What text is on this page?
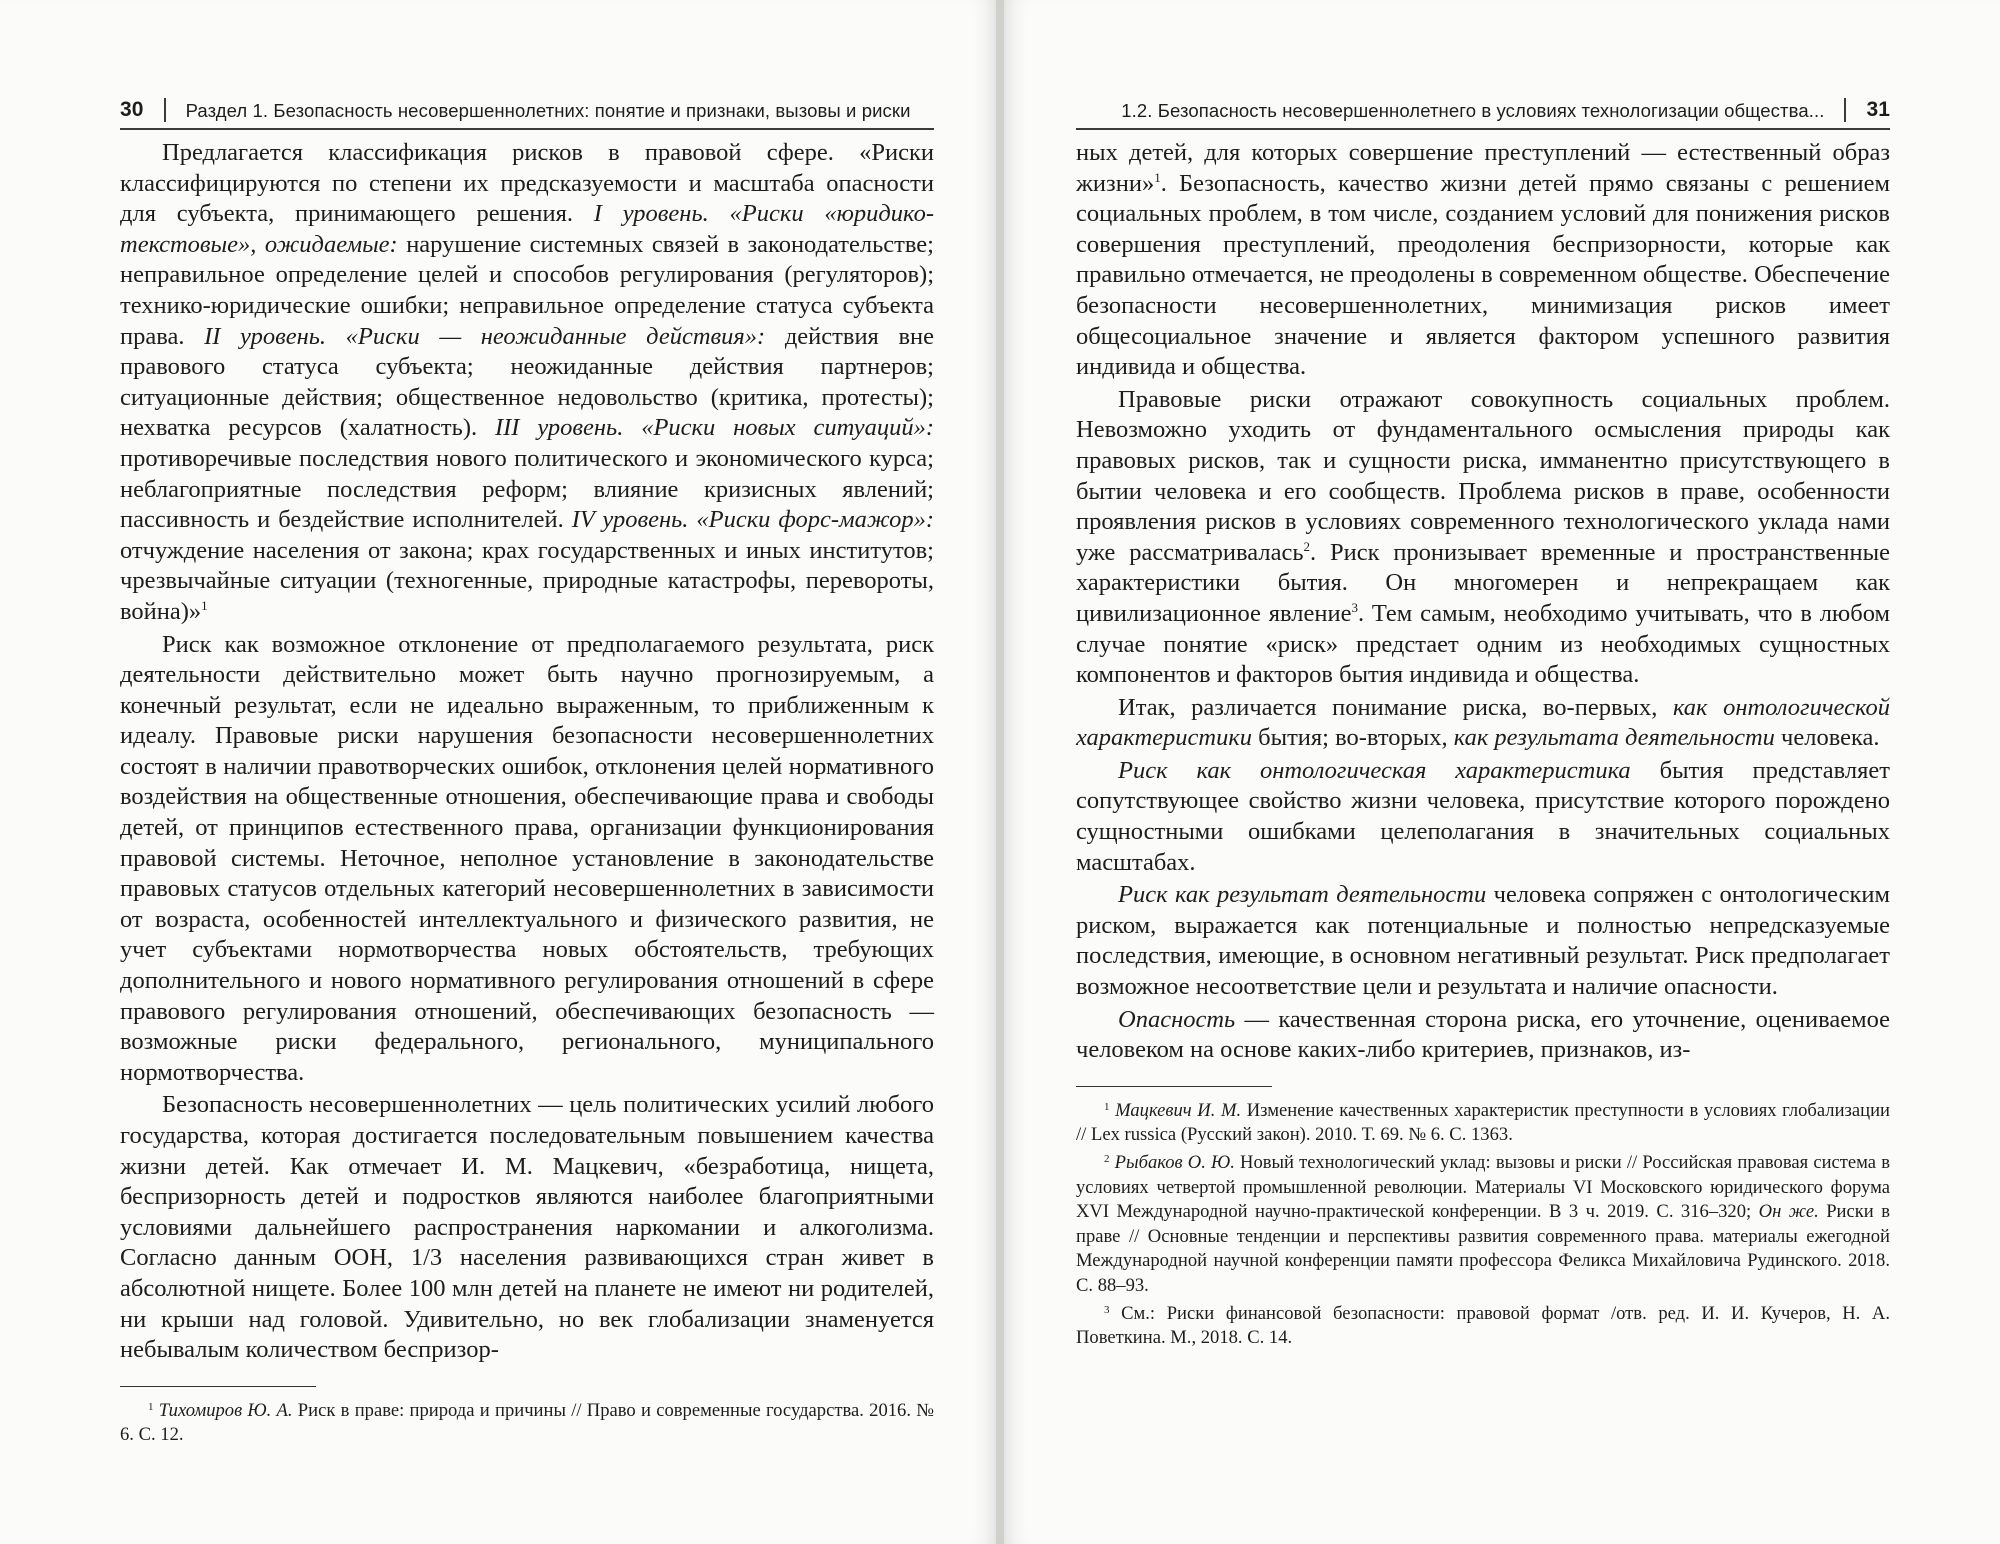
30 Раздел 1. Безопасность несовершеннолетних: понятие и признаки, вызовы и риски

Предлагается классификация рисков в правовой сфере. «Риски классифицируются по степени их предсказуемости и масштаба опасности для субъекта, принимающего решения. I уровень. «Риски «юридико-текстовые», ожидаемые: нарушение системных связей в законодательстве; неправильное определение целей и способов регулирования (регуляторов); технико-юридические ошибки; неправильное определение статуса субъекта права. II уровень. «Риски — неожиданные действия»: действия вне правового статуса субъекта; неожиданные действия партнеров; ситуационные действия; общественное недовольство (критика, протесты); нехватка ресурсов (халатность). III уровень. «Риски новых ситуаций»: противоречивые последствия нового политического и экономического курса; неблагоприятные последствия реформ; влияние кризисных явлений; пассивность и бездействие исполнителей. IV уровень. «Риски форс-мажор»: отчуждение населения от закона; крах государственных и иных институтов; чрезвычайные ситуации (техногенные, природные катастрофы, перевороты, война)»$^1$

Риск как возможное отклонение от предполагаемого результата, риск деятельности действительно может быть научно прогнозируемым, а конечный результат, если не идеально выраженным, то приближенным к идеалу. Правовые риски нарушения безопасности несовершеннолетних состоят в наличии правотворческих ошибок, отклонения целей нормативного воздействия на общественные отношения, обеспечивающие права и свободы детей, от принципов естественного права, организации функционирования правовой системы. Неточное, неполное установление в законодательстве правовых статусов отдельных категорий несовершеннолетних в зависимости от возраста, особенностей интеллектуального и физического развития, не учет субъектами нормотворчества новых обстоятельств, требующих дополнительного и нового нормативного регулирования отношений в сфере правового регулирования отношений, обеспечивающих безопасность — возможные риски федерального, регионального, муниципального нормотворчества.

Безопасность несовершеннолетних — цель политических усилий любого государства, которая достигается последовательным повышением качества жизни детей. Как отмечает И. М. Мацкевич, «безработица, нищета, беспризорность детей и подростков являются наиболее благоприятными условиями дальнейшего распространения наркомании и алкоголизма. Согласно данным ООН, 1/3 населения развивающихся стран живет в абсолютной нищете. Более 100 млн детей на планете не имеют ни родителей, ни крыши над головой. Удивительно, но век глобализации знаменуется небывалым количеством беспризор-

$^1$ Тихомиров Ю. А. Риск в праве: природа и причины // Право и современные государства. 2016. № 6. С. 12.

1.2. Безопасность несовершеннолетнего в условиях технологизации общества... 31

ных детей, для которых совершение преступлений — естественный образ жизни»$^1$. Безопасность, качество жизни детей прямо связаны с решением социальных проблем, в том числе, созданием условий для понижения рисков совершения преступлений, преодоления беспризорности, которые как правильно отмечается, не преодолены в современном обществе. Обеспечение безопасности несовершеннолетних, минимизация рисков имеет общесоциальное значение и является фактором успешного развития индивида и общества.

Правовые риски отражают совокупность социальных проблем. Невозможно уходить от фундаментального осмысления природы как правовых рисков, так и сущности риска, имманентно присутствующего в бытии человека и его сообществ. Проблема рисков в праве, особенности проявления рисков в условиях современного технологического уклада нами уже рассматривалась$^2$. Риск пронизывает временные и пространственные характеристики бытия. Он многомерен и непрекращаем как цивилизационное явление$^3$. Тем самым, необходимо учитывать, что в любом случае понятие «риск» предстает одним из необходимых сущностных компонентов и факторов бытия индивида и общества.

Итак, различается понимание риска, во-первых, как онтологической характеристики бытия; во-вторых, как результата деятельности человека.

Риск как онтологическая характеристика бытия представляет сопутствующее свойство жизни человека, присутствие которого порождено сущностными ошибками целеполагания в значительных социальных масштабах.

Риск как результат деятельности человека сопряжен с онтологическим риском, выражается как потенциальные и полностью непредсказуемые последствия, имеющие, в основном негативный результат. Риск предполагает возможное несоответствие цели и результата и наличие опасности.

Опасность — качественная сторона риска, его уточнение, оцениваемое человеком на основе каких-либо критериев, признаков, из-

$^1$ Мацкевич И. М. Изменение качественных характеристик преступности в условиях глобализации // Lex russica (Русский закон). 2010. Т. 69. № 6. С. 1363.

$^2$ Рыбаков О. Ю. Новый технологический уклад: вызовы и риски // Российская правовая система в условиях четвертой промышленной революции. Материалы VI Московского юридического форума XVI Международной научно-практической конференции. В 3 ч. 2019. С. 316–320; Он же. Риски в праве // Основные тенденции и перспективы развития современного права. материалы ежегодной Международной научной конференции памяти профессора Феликса Михайловича Рудинского. 2018. С. 88–93.

$^3$ См.: Риски финансовой безопасности: правовой формат /отв. ред. И. И. Кучеров, Н. А. Поветкина. М., 2018. С. 14.
